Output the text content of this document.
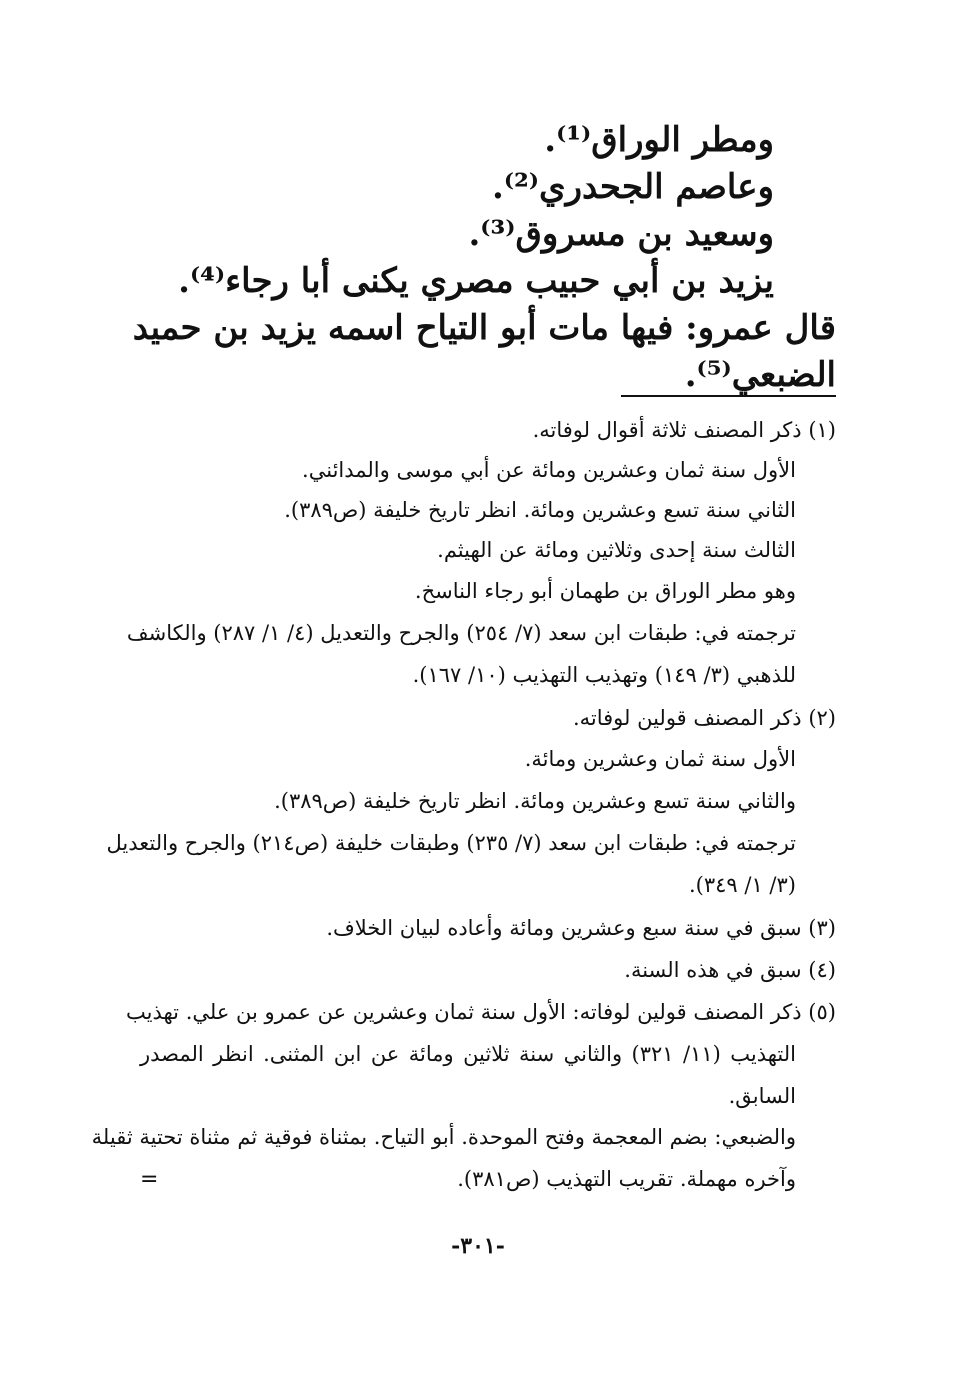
ومطر الوراق⁽¹⁾.
وعاصم الجحدري⁽²⁾.
وسعيد بن مسروق⁽³⁾.
يزيد بن أبي حبيب مصري يكنى أبا رجاء⁽⁴⁾.
قال عمرو: فيها مات أبو التياح اسمه يزيد بن حميد
الضبعي⁽⁵⁾.
(١) ذكر المصنف ثلاثة أقوال لوفاته.
الأول سنة ثمان وعشرين ومائة عن أبي موسى والمدائني.
الثاني سنة تسع وعشرين ومائة. انظر تاريخ خليفة (ص٣٨٩).
الثالث سنة إحدى وثلاثين ومائة عن الهيثم.
وهو مطر الوراق بن طهمان أبو رجاء الناسخ.
ترجمته في: طبقات ابن سعد (٧/ ٢٥٤) والجرح والتعديل (٤/ ١/ ٢٨٧) والكاشف
للذهبي (٣/ ١٤٩) وتهذيب التهذيب (١٠/ ١٦٧).
(٢) ذكر المصنف قولين لوفاته.
الأول سنة ثمان وعشرين ومائة.
والثاني سنة تسع وعشرين ومائة. انظر تاريخ خليفة (ص٣٨٩).
ترجمته في: طبقات ابن سعد (٧/ ٢٣٥) وطبقات خليفة (ص٢١٤) والجرح والتعديل
(٣/ ١/ ٣٤٩).
(٣) سبق في سنة سبع وعشرين ومائة وأعاده لبيان الخلاف.
(٤) سبق في هذه السنة.
(٥) ذكر المصنف قولين لوفاته: الأول سنة ثمان وعشرين عن عمرو بن علي. تهذيب
التهذيب (١١/ ٣٢١) والثاني سنة ثلاثين ومائة عن ابن المثنى. انظر المصدر
السابق.
والضبعي: بضم المعجمة وفتح الموحدة. أبو التياح. بمثناة فوقية ثم مثناة تحتية ثقيلة
وآخره مهملة. تقريب التهذيب (ص٣٨١).
=
-٣٠١-
